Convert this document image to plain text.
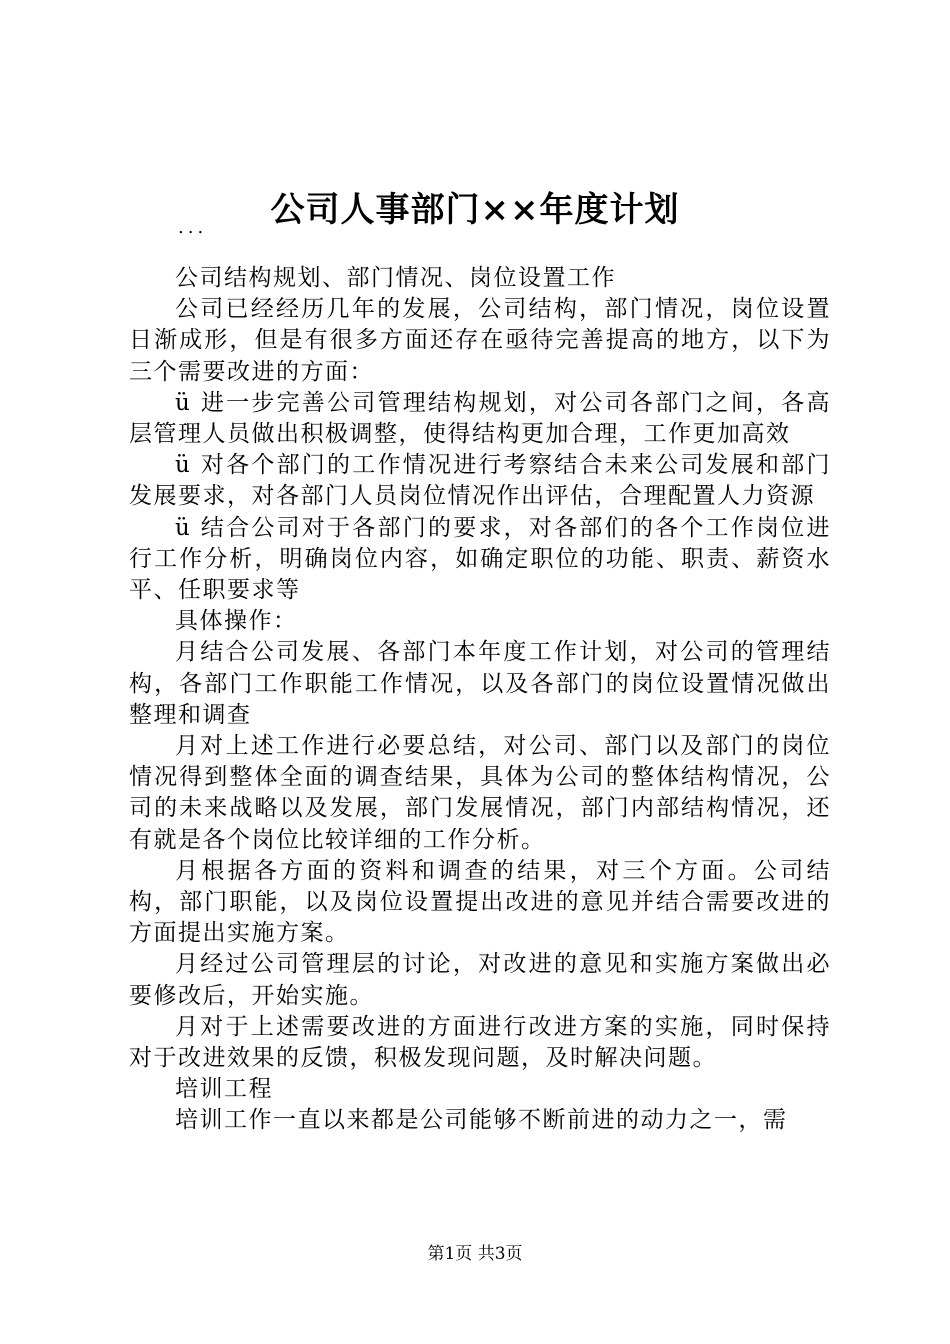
公司人事部门××年度计划
...

公司结构规划、部门情况、岗位设置工作

公司已经经历几年的发展，公司结构，部门情况，岗位设置日渐成形，但是有很多方面还存在亟待完善提高的地方，以下为三个需要改进的方面：

ü 进一步完善公司管理结构规划，对公司各部门之间，各高层管理人员做出积极调整，使得结构更加合理，工作更加高效

ü 对各个部门的工作情况进行考察结合未来公司发展和部门发展要求，对各部门人员岗位情况作出评估，合理配置人力资源

ü 结合公司对于各部门的要求，对各部们的各个工作岗位进行工作分析，明确岗位内容，如确定职位的功能、职责、薪资水平、任职要求等

具体操作：

月结合公司发展、各部门本年度工作计划，对公司的管理结构，各部门工作职能工作情况，以及各部门的岗位设置情况做出整理和调查

月对上述工作进行必要总结，对公司、部门以及部门的岗位情况得到整体全面的调查结果，具体为公司的整体结构情况，公司的未来战略以及发展，部门发展情况，部门内部结构情况，还有就是各个岗位比较详细的工作分析。

月根据各方面的资料和调查的结果，对三个方面。公司结构，部门职能，以及岗位设置提出改进的意见并结合需要改进的方面提出实施方案。

月经过公司管理层的讨论，对改进的意见和实施方案做出必要修改后，开始实施。

月对于上述需要改进的方面进行改进方案的实施，同时保持对于改进效果的反馈，积极发现问题，及时解决问题。

培训工程

培训工作一直以来都是公司能够不断前进的动力之一，需

第1页 共3页
